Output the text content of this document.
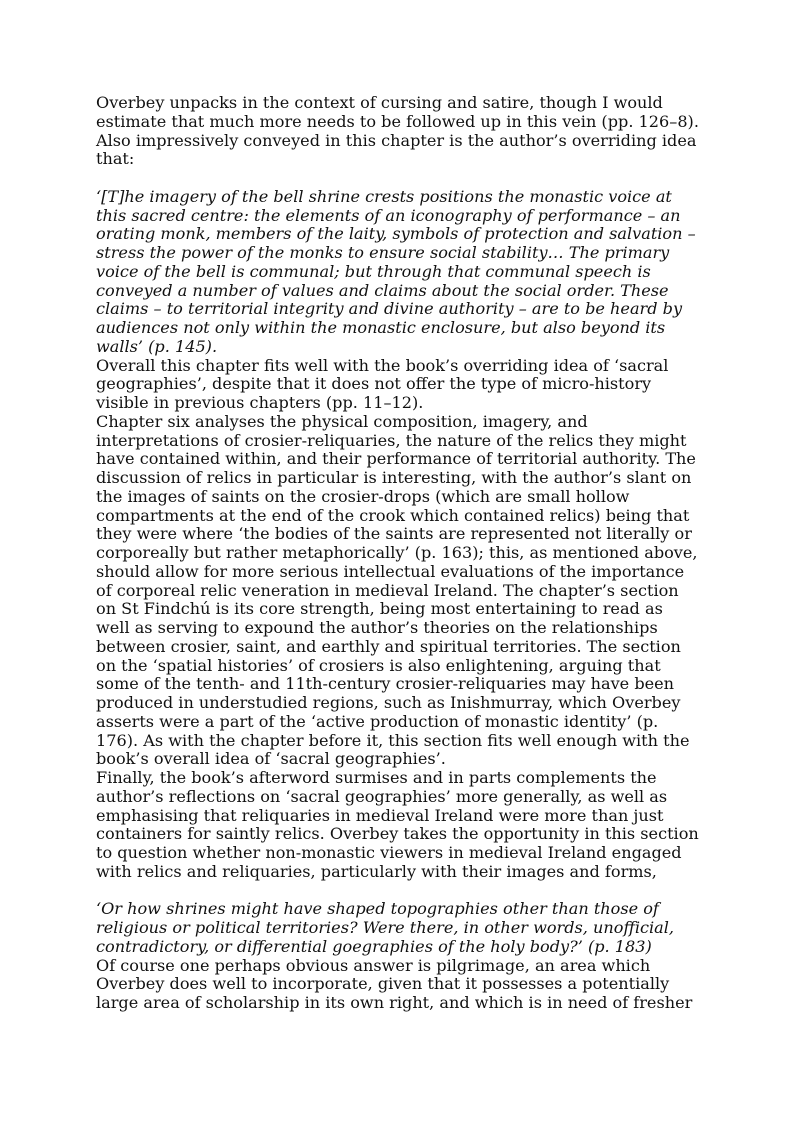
Overbey unpacks in the context of cursing and satire, though I would

estimate that much more needs to be followed up in this vein (pp. 126–8).

Also impressively conveyed in this chapter is the author’s overriding idea

that:

‘[T]he imagery of the bell shrine crests positions the monastic voice at

this sacred centre: the elements of an iconography of performance – an

orating monk, members of the laity, symbols of protection and salvation –

stress the power of the monks to ensure social stability… The primary

voice of the bell is communal; but through that communal speech is

conveyed a number of values and claims about the social order. These

claims – to territorial integrity and divine authority – are to be heard by

audiences not only within the monastic enclosure, but also beyond its

walls’ (p. 145).

Overall this chapter fits well with the book’s overriding idea of ‘sacral

geographies’, despite that it does not offer the type of micro-history

visible in previous chapters (pp. 11–12).

Chapter six analyses the physical composition, imagery, and

interpretations of crosier-reliquaries, the nature of the relics they might

have contained within, and their performance of territorial authority. The

discussion of relics in particular is interesting, with the author’s slant on

the images of saints on the crosier-drops (which are small hollow

compartments at the end of the crook which contained relics) being that

they were where ‘the bodies of the saints are represented not literally or

corporeally but rather metaphorically’ (p. 163); this, as mentioned above,

should allow for more serious intellectual evaluations of the importance

of corporeal relic veneration in medieval Ireland. The chapter’s section

on St Findchú is its core strength, being most entertaining to read as

well as serving to expound the author’s theories on the relationships

between crosier, saint, and earthly and spiritual territories. The section

on the ‘spatial histories’ of crosiers is also enlightening, arguing that

some of the tenth- and 11th-century crosier-reliquaries may have been

produced in understudied regions, such as Inishmurray, which Overbey

asserts were a part of the ‘active production of monastic identity’ (p.

176). As with the chapter before it, this section fits well enough with the

book’s overall idea of ‘sacral geographies’.

Finally, the book’s afterword surmises and in parts complements the

author’s reflections on ‘sacral geographies’ more generally, as well as

emphasising that reliquaries in medieval Ireland were more than just

containers for saintly relics. Overbey takes the opportunity in this section

to question whether non-monastic viewers in medieval Ireland engaged

with relics and reliquaries, particularly with their images and forms,

‘Or how shrines might have shaped topographies other than those of

religious or political territories? Were there, in other words, unofficial,

contradictory, or differential goegraphies of the holy body?’ (p. 183)

Of course one perhaps obvious answer is pilgrimage, an area which

Overbey does well to incorporate, given that it possesses a potentially

large area of scholarship in its own right, and which is in need of fresher
